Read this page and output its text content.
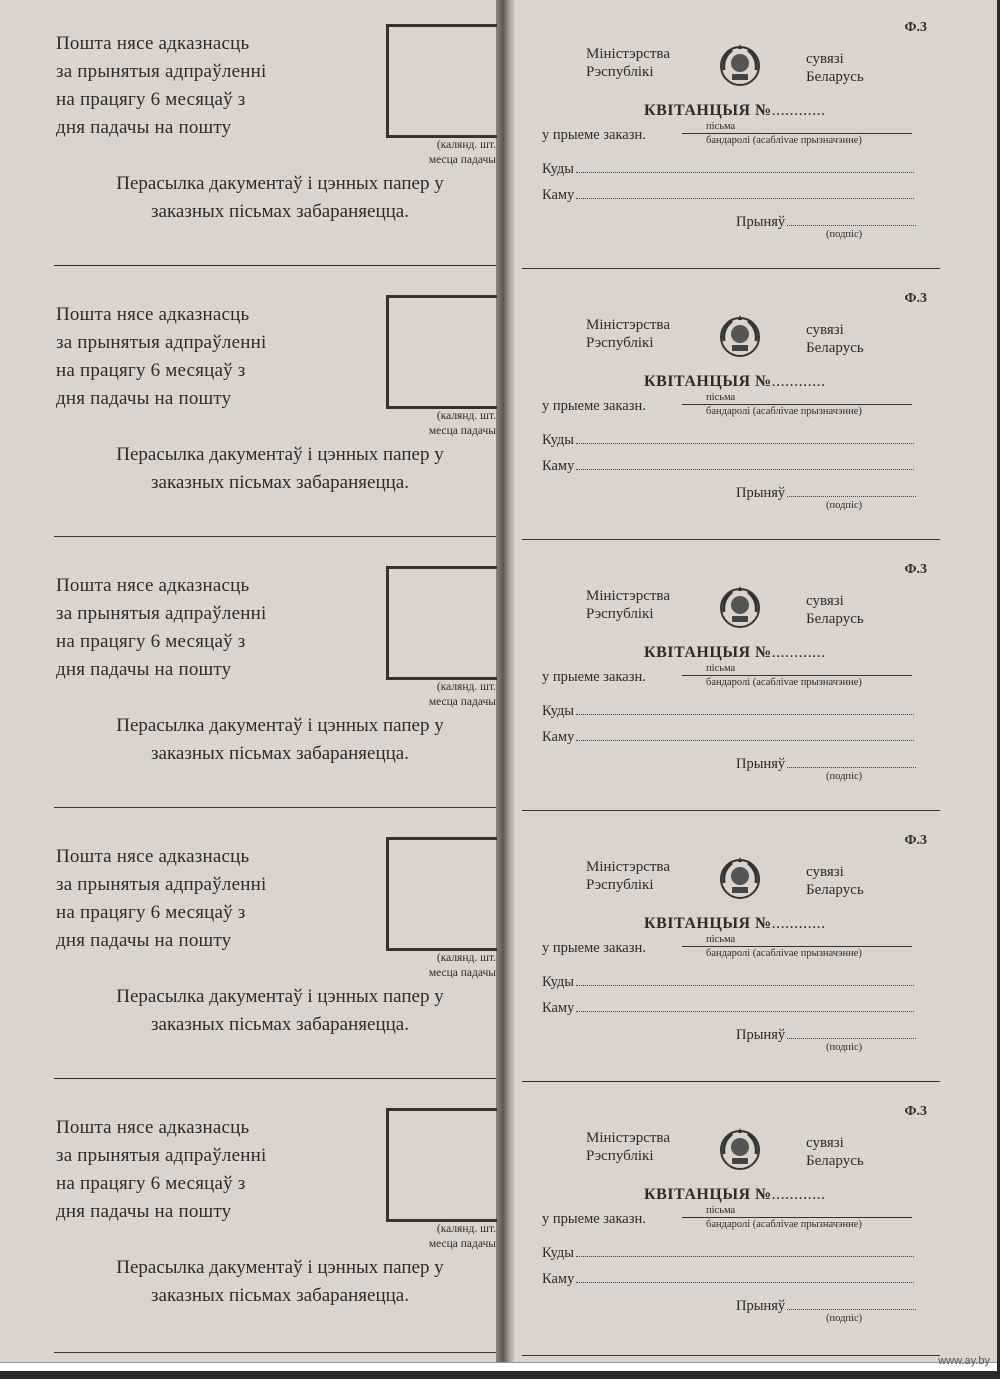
Пошта нясе адказнасць
за прынятыя адпраўленні
на працягу 6 месяцаў з
дня падачы на пошту
(калянд. шт.
месца падачы
Перасылка дакументаў і цэнных папер у
заказных пісьмах забараняецца.
Ф.3
Міністэрства
Рэспублікі
сувязі
Беларусь
КВІТАНЦЫЯ №............
у прыеме заказн.
пісьма
бандаролі (асабліvае прызначэнне)
Куды
Каму
Прыняў
(подпіс)
Пошта нясе адказнасць
за прынятыя адпраўленні
на працягу 6 месяцаў з
дня падачы на пошту
(калянд. шт.
месца падачы
Перасылка дакументаў і цэнных папер у
заказных пісьмах забараняецца.
Ф.3
Міністэрства
Рэспублікі
сувязі
Беларусь
КВІТАНЦЫЯ №............
у прыеме заказн.
пісьма
бандаролі (асабліvае прызначэнне)
Куды
Каму
Прыняў
(подпіс)
Пошта нясе адказнасць
за прынятыя адпраўленні
на працягу 6 месяцаў з
дня падачы на пошту
(калянд. шт.
месца падачы
Перасылка дакументаў і цэнных папер у
заказных пісьмах забараняецца.
Ф.3
Міністэрства
Рэспублікі
сувязі
Беларусь
КВІТАНЦЫЯ №............
у прыеме заказн.
пісьма
бандаролі (асабліvае прызначэнне)
Куды
Каму
Прыняў
(подпіс)
Пошта нясе адказнасць
за прынятыя адпраўленні
на працягу 6 месяцаў з
дня падачы на пошту
(калянд. шт.
месца падачы
Перасылка дакументаў і цэнных папер у
заказных пісьмах забараняецца.
Ф.3
Міністэрства
Рэспублікі
сувязі
Беларусь
КВІТАНЦЫЯ №............
у прыеме заказн.
пісьма
бандаролі (асабліvае прызначэнне)
Куды
Каму
Прыняў
(подпіс)
Пошта нясе адказнасць
за прынятыя адпраўленні
на працягу 6 месяцаў з
дня падачы на пошту
(калянд. шт.
месца падачы
Перасылка дакументаў і цэнных папер у
заказных пісьмах забараняецца.
Ф.3
Міністэрства
Рэспублікі
сувязі
Беларусь
КВІТАНЦЫЯ №............
у прыеме заказн.
пісьма
бандаролі (асабліvае прызначэнне)
Куды
Каму
Прыняў
(подпіс)
www.ay.by
